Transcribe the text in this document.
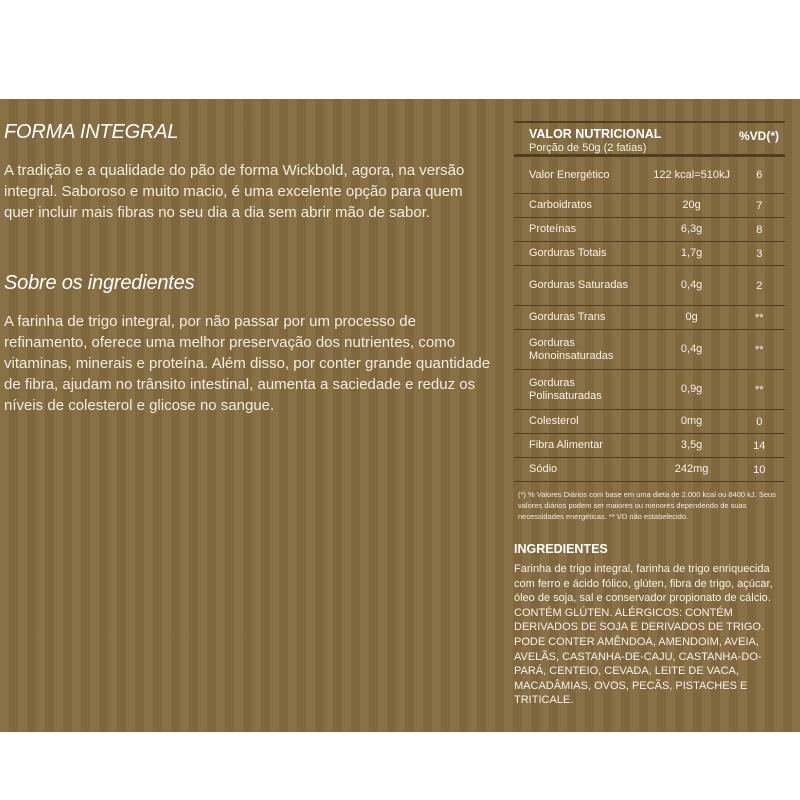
FORMA INTEGRAL

A tradição e a qualidade do pão de forma Wickbold, agora, na versão integral. Saboroso e muito macio, é uma excelente opção para quem quer incluir mais fibras no seu dia a dia sem abrir mão de sabor.

Sobre os ingredientes

A farinha de trigo integral, por não passar por um processo de refinamento, oferece uma melhor preservação dos nutrientes, como vitaminas, minerais e proteína. Além disso, por conter grande quantidade de fibra, ajudam no trânsito intestinal, aumenta a saciedade e reduz os níveis de colesterol e glicose no sangue.

VALOR NUTRICIONAL
Porção de 50g (2 fatias)
%VD(*)
Valor Energético	122 kcal=510kJ	6
Carboidratos	20g	7
Proteínas	6,3g	8
Gorduras Totais	1,7g	3
Gorduras Saturadas	0,4g	2
Gorduras Trans	0g	**
Gorduras Monoinsaturadas
0,4g	**
Gorduras Polinsaturadas
0,9g	**
Colesterol	0mg	0
Fibra Alimentar	3,5g	14
Sódio	242mg	10
(*) % Valores Diários com base em uma dieta de 2.000 kcal ou 8400 kJ. Seus valores diários podem ser maiores ou menores dependendo de suas necessidades energéticas. ** VD não estabelecido.
INGREDIENTES

Farinha de trigo integral, farinha de trigo enriquecida com ferro e ácido fólico, glúten, fibra de trigo, açúcar, óleo de soja, sal e conservador propionato de cálcio. CONTÉM GLÚTEN. ALÉRGICOS: CONTÉM DERIVADOS DE SOJA E DERIVADOS DE TRIGO. PODE CONTER AMÊNDOA, AMENDOIM, AVEIA, AVELÃS, CASTANHA-DE-CAJU, CASTANHA-DO-PARÁ, CENTEIO, CEVADA, LEITE DE VACA, MACADÂMIAS, OVOS, PECÃS, PISTACHES E TRITICALE.
